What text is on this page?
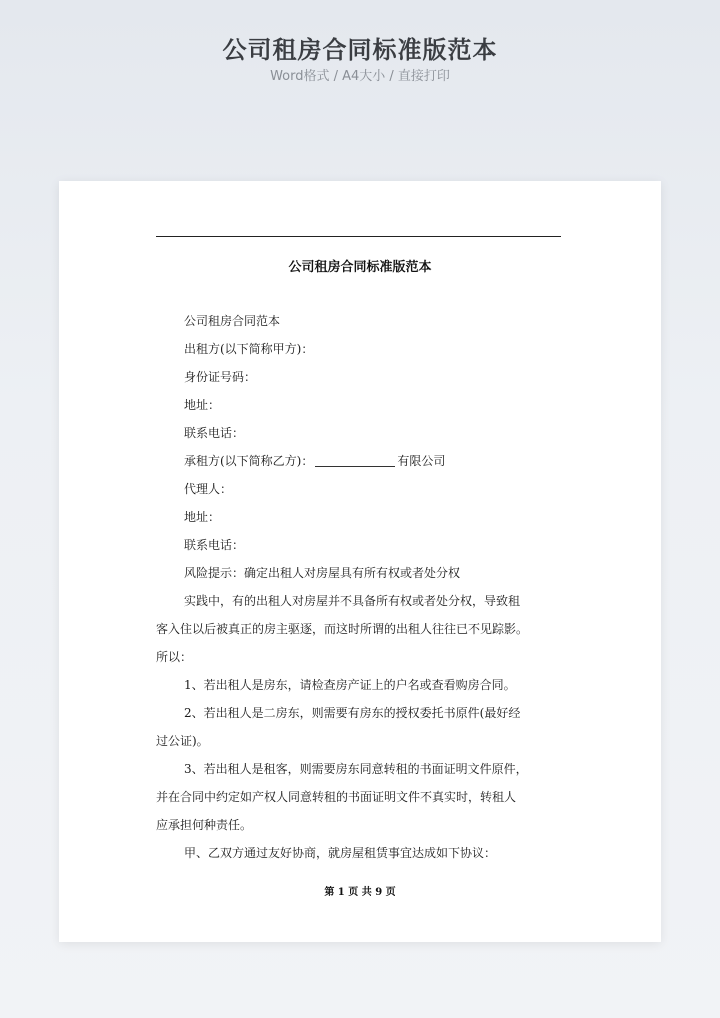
公司租房合同标准版范本
Word格式 / A4大小 / 直接打印
公司租房合同标准版范本
公司租房合同范本
出租方(以下简称甲方)：
身份证号码：
地址：
联系电话：
承租方(以下简称乙方)：	有限公司
代理人：
地址：
联系电话：
风险提示：确定出租人对房屋具有所有权或者处分权
实践中，有的出租人对房屋并不具备所有权或者处分权，导致租
客入住以后被真正的房主驱逐，而这时所谓的出租人往往已不见踪影。
所以：
1、若出租人是房东，请检查房产证上的户名或查看购房合同。
2、若出租人是二房东，则需要有房东的授权委托书原件(最好经
过公证)。
3、若出租人是租客，则需要房东同意转租的书面证明文件原件，
并在合同中约定如产权人同意转租的书面证明文件不真实时，转租人
应承担何种责任。
甲、乙双方通过友好协商，就房屋租赁事宜达成如下协议：
第 1 页 共 9 页
